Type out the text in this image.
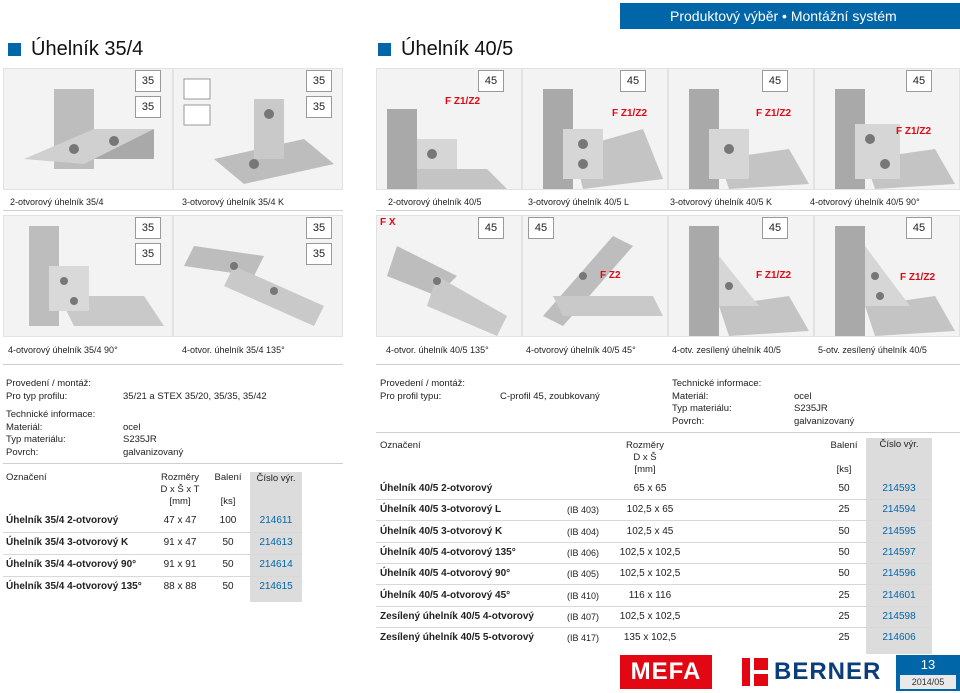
Produktový výběr • Montážní systém
Úhelník 35/4	Úhelník 40/5
35
35
35
35
2-otvorový úhelník 35/4	3-otvorový úhelník 35/4 K
45	45	45	45
F Z1/Z2
F Z1/Z2	F Z1/Z2
F Z1/Z2
2-otvorový úhelník 40/5	3-otvorový úhelník 40/5 L	3-otvorový úhelník 40/5 K	4-otvorový úhelník 40/5 90°
35
35
35
35
4-otvorový úhelník 35/4 90°	4-otvor. úhelník 35/4 135°
F X
F Z2	F Z1/Z2	F Z1/Z2
45	45	45	45
4-otvor. úhelník 40/5 135°	4-otvorový úhelník 40/5 45°	4-otv. zesílený úhelník 40/5	5-otv. zesílený úhelník 40/5
Provedení / montáž:
Pro typ profilu:	35/21 a STEX 35/20, 35/35, 35/42
Technické informace:
Materiál:	ocel
Typ materiálu:	S235JR
Povrch:	galvanizovaný
Označení	Rozměry
D x Š x T
[mm]
Balení

[ks]
Číslo výr.
Úhelník 35/4 2-otvorový	47 x 47	100	214611
Úhelník 35/4 3-otvorový K	91 x 47	50	214613
Úhelník 35/4 4-otvorový 90°	91 x 91	50	214614
Úhelník 35/4 4-otvorový 135°	88 x 88	50	214615
Provedení / montáž:
Pro profil typu:	C-profil 45, zoubkovaný
Technické informace:
Materiál:	ocel
Typ materiálu:	S235JR
Povrch:	galvanizovaný
Označení	Rozměry
D x Š
[mm]
Balení

[ks]
Číslo výr.
Úhelník 40/5 2-otvorový	65 x 65	50	214593
Úhelník 40/5 3-otvorový L	(IB 403)	102,5 x 65	25	214594
Úhelník 40/5 3-otvorový K	(IB 404)	102,5 x 45	50	214595
Úhelník 40/5 4-otvorový 135°	(IB 406)	102,5 x 102,5	50	214597
Úhelník 40/5 4-otvorový 90°	(IB 405)	102,5 x 102,5	50	214596
Úhelník 40/5 4-otvorový 45°	(IB 410)	116 x 116	25	214601
Zesílený úhelník 40/5 4-otvorový	(IB 407)	102,5 x 102,5	25	214598
Zesílený úhelník 40/5 5-otvorový	(IB 417)	135 x 102,5	25	214606
MEFA	BERNER	13
2014/05
